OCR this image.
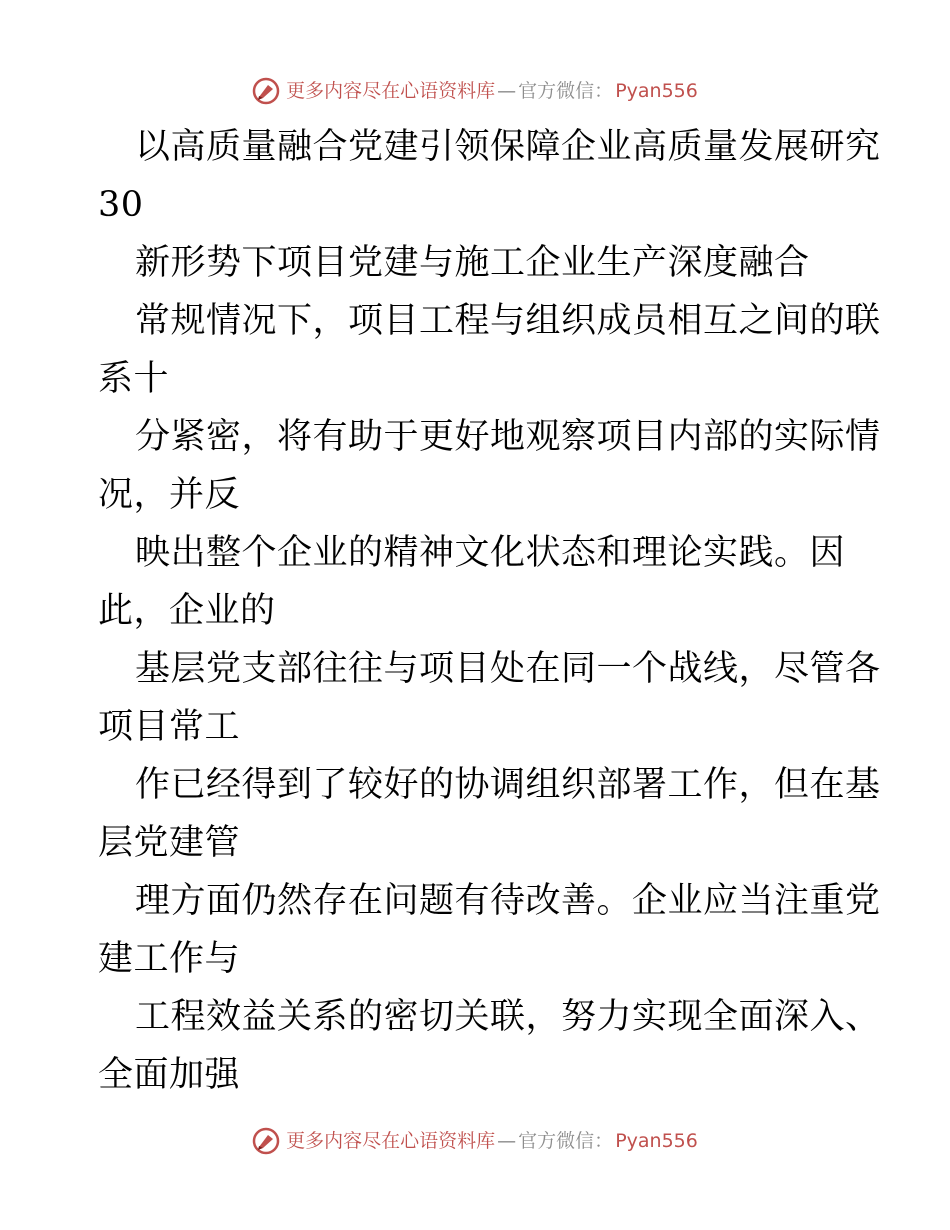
更多内容尽在心语资料库 — 官方微信： Pyan556
以高质量融合党建引领保障企业高质量发展研究
30
新形势下项目党建与施工企业生产深度融合
常规情况下，项目工程与组织成员相互之间的联
系十
分紧密，将有助于更好地观察项目内部的实际情
况，并反
映出整个企业的精神文化状态和理论实践。因
此，企业的
基层党支部往往与项目处在同一个战线，尽管各
项目常工
作已经得到了较好的协调组织部署工作，但在基
层党建管
理方面仍然存在问题有待改善。企业应当注重党
建工作与
工程效益关系的密切关联，努力实现全面深入、
全面加强
更多内容尽在心语资料库 — 官方微信： Pyan556
